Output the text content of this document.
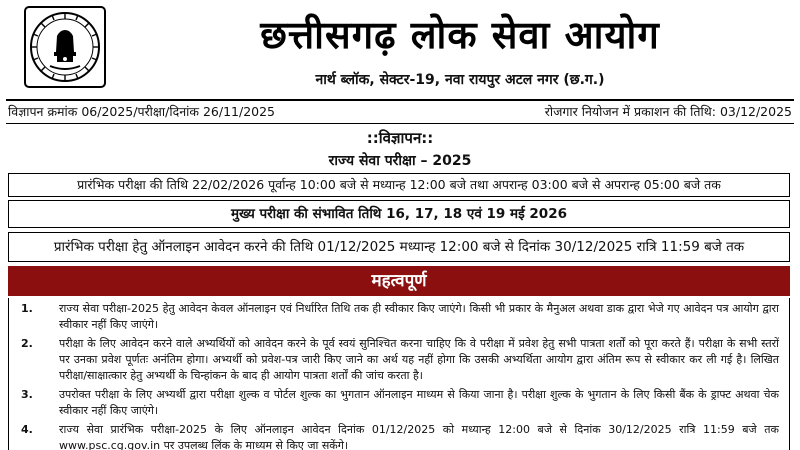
छत्तीसगढ़ लोक सेवा आयोग
नार्थ ब्लॉक, सेक्टर-19, नवा रायपुर अटल नगर (छ.ग.)
विज्ञापन क्रमांक 06/2025/परीक्षा/दिनांक 26/11/2025	रोजगार नियोजन में प्रकाशन की तिथि: 03/12/2025
::विज्ञापन::
राज्य सेवा परीक्षा – 2025
प्रारंभिक परीक्षा की तिथि 22/02/2026 पूर्वान्ह 10:00 बजे से मध्यान्ह 12:00 बजे तथा अपरान्ह 03:00 बजे से अपरान्ह 05:00 बजे तक
मुख्य परीक्षा की संभावित तिथि 16, 17, 18 एवं 19 मई 2026
प्रारंभिक परीक्षा हेतु ऑनलाइन आवेदन करने की तिथि 01/12/2025 मध्यान्ह 12:00 बजे से दिनांक 30/12/2025 रात्रि 11:59 बजे तक
महत्वपूर्ण
1. राज्य सेवा परीक्षा-2025 हेतु आवेदन केवल ऑनलाइन एवं निर्धारित तिथि तक ही स्वीकार किए जाएंगे। किसी भी प्रकार के मैनुअल अथवा डाक द्वारा भेजे गए आवेदन पत्र आयोग द्वारा स्वीकार नहीं किए जाएंगे।
2. परीक्षा के लिए आवेदन करने वाले अभ्यर्थियों को आवेदन करने के पूर्व स्वयं सुनिश्चित करना चाहिए कि वे परीक्षा में प्रवेश हेतु सभी पात्रता शर्तों को पूरा करते हैं। परीक्षा के सभी स्तरों पर उनका प्रवेश पूर्णतः अनंतिम होगा। अभ्यर्थी को प्रवेश-पत्र जारी किए जाने का अर्थ यह नहीं होगा कि उसकी अभ्यर्थिता आयोग द्वारा अंतिम रूप से स्वीकार कर ली गई है। लिखित परीक्षा/साक्षात्कार हेतु अभ्यर्थी के चिन्हांकन के बाद ही आयोग पात्रता शर्तों की जांच करता है।
3. उपरोक्त परीक्षा के लिए अभ्यर्थी द्वारा परीक्षा शुल्क व पोर्टल शुल्क का भुगतान ऑनलाइन माध्यम से किया जाना है। परीक्षा शुल्क के भुगतान के लिए किसी बैंक के ड्राफ्ट अथवा चेक स्वीकार नहीं किए जाएंगे।
4. राज्य सेवा प्रारंभिक परीक्षा-2025 के लिए ऑनलाइन आवेदन दिनांक 01/12/2025 को मध्यान्ह 12:00 बजे से दिनांक 30/12/2025 रात्रि 11:59 बजे तक www.psc.cg.gov.in पर उपलब्ध लिंक के माध्यम से किए जा सकेंगे।
